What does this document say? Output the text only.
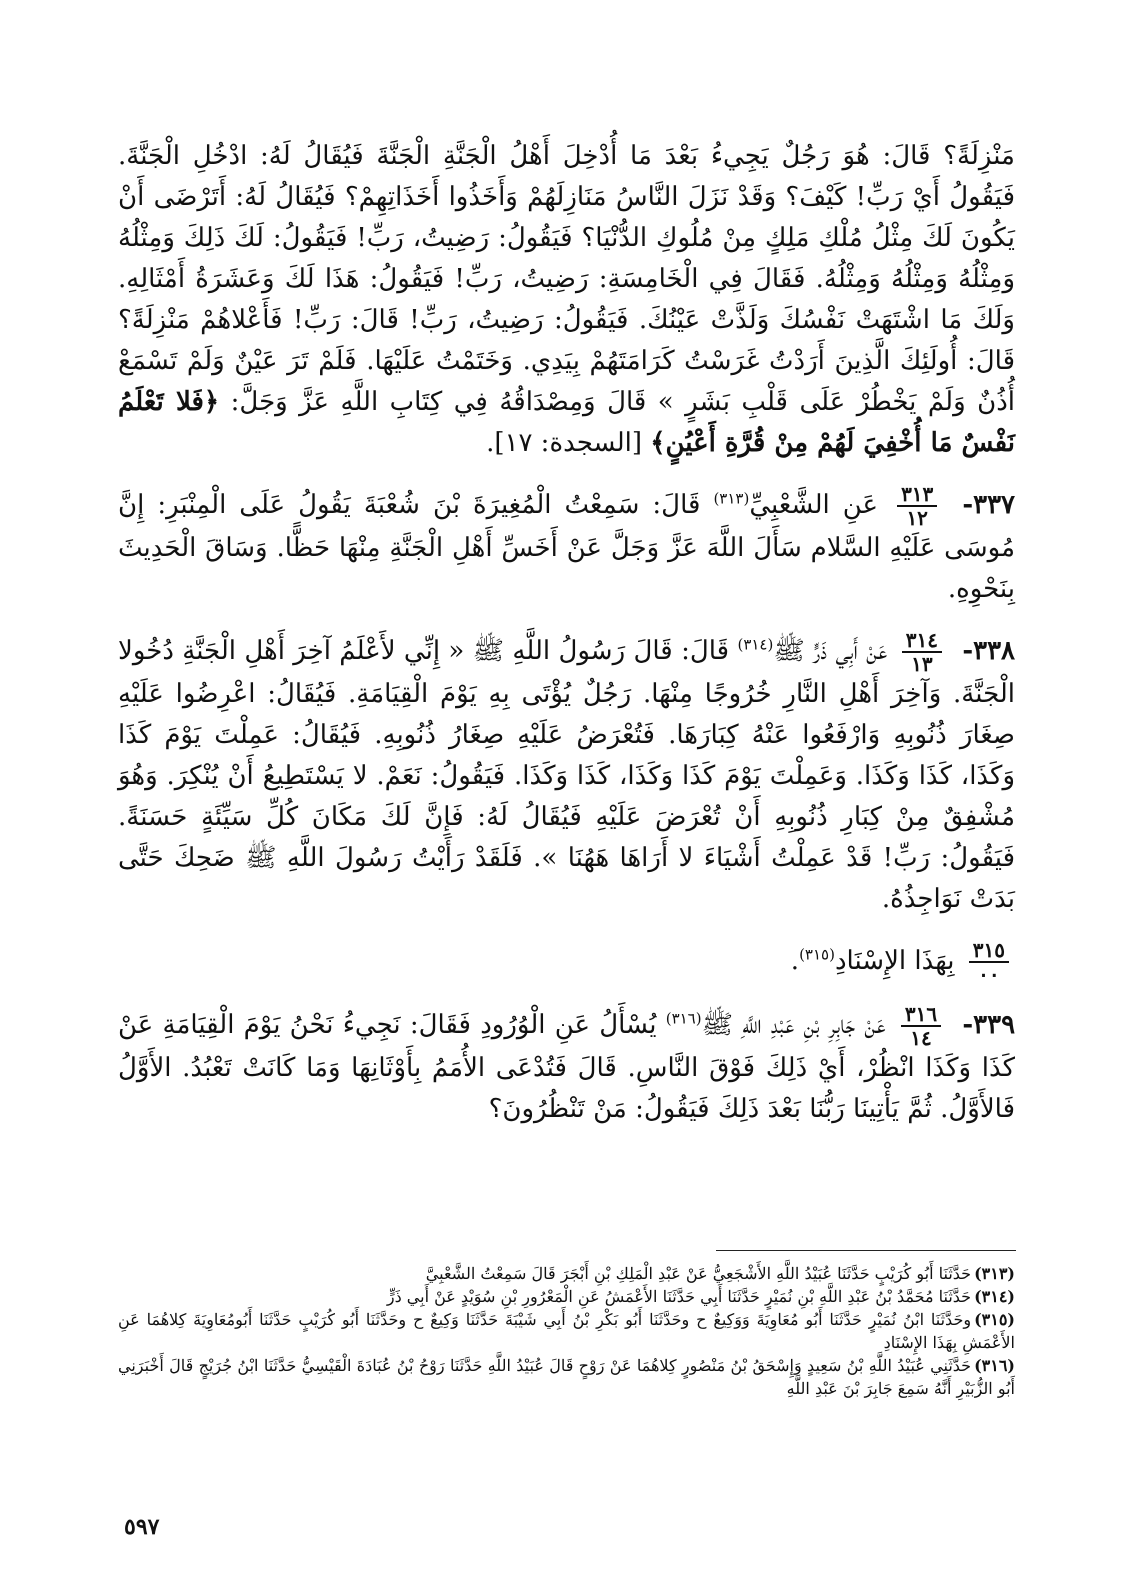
مَنْزِلَةً؟ قَالَ: هُوَ رَجُلٌ يَجِيءُ بَعْدَ مَا أُدْخِلَ أَهْلُ الْجَنَّةِ الْجَنَّةَ فَيُقَالُ لَهُ: ادْخُلِ الْجَنَّةَ. فَيَقُولُ أَيْ رَبِّ! كَيْفَ؟ وَقَدْ نَزَلَ النَّاسُ مَنَازِلَهُمْ وَأَخَذُوا أَخَذَاتِهِمْ؟ فَيُقَالُ لَهُ: أَتَرْضَى أَنْ يَكُونَ لَكَ مِثْلُ مُلْكِ مَلِكٍ مِنْ مُلُوكِ الدُّنْيَا؟ فَيَقُولُ: رَضِيتُ، رَبِّ! فَيَقُولُ: لَكَ ذَلِكَ وَمِثْلُهُ وَمِثْلُهُ وَمِثْلُهُ وَمِثْلُهُ. فَقَالَ فِي الْخَامِسَةِ: رَضِيتُ، رَبِّ! فَيَقُولُ: هَذَا لَكَ وَعَشَرَةُ أَمْثَالِهِ. وَلَكَ مَا اشْتَهَتْ نَفْسُكَ وَلَذَّتْ عَيْنُكَ. فَيَقُولُ: رَضِيتُ، رَبِّ! قَالَ: رَبِّ! فَأَعْلاهُمْ مَنْزِلَةً؟ قَالَ: أُولَئِكَ الَّذِينَ أَرَدْتُ غَرَسْتُ كَرَامَتَهُمْ بِيَدِي. وَخَتَمْتُ عَلَيْهَا. فَلَمْ تَرَ عَيْنٌ وَلَمْ تَسْمَعْ أُذُنٌ وَلَمْ يَخْطُرْ عَلَى قَلْبِ بَشَرٍ » قَالَ وَمِصْدَاقُهُ فِي كِتَابِ اللَّهِ عَزَّ وَجَلَّ: ﴿فَلا تَعْلَمُ نَفْسٌ مَا أُخْفِيَ لَهُمْ مِنْ قُرَّةِ أَعْيُنٍ﴾ [السجدة: ١٧].

٣٣٧-
$\frac{٣١٣}{١٢}$
عَنِ الشَّعْبِيِّ$^{(٣١٣)}$ قَالَ: سَمِعْتُ الْمُغِيرَةَ بْنَ شُعْبَةَ يَقُولُ عَلَى الْمِنْبَرِ: إِنَّ مُوسَى عَلَيْهِ السَّلام سَأَلَ اللَّهَ عَزَّ وَجَلَّ عَنْ أَخَسِّ أَهْلِ الْجَنَّةِ مِنْهَا حَظًّا. وَسَاقَ الْحَدِيثَ بِنَحْوِهِ.

٣٣٨-
$\frac{٣١٤}{١٣}$
عَنْ أَبِي ذَرٍّ ﷺ$^{(٣١٤)}$ قَالَ: قَالَ رَسُولُ اللَّهِ ﷺ « إِنِّي لأَعْلَمُ آخِرَ أَهْلِ الْجَنَّةِ دُخُولا الْجَنَّةَ. وَآخِرَ أَهْلِ النَّارِ خُرُوجًا مِنْهَا. رَجُلٌ يُؤْتَى بِهِ يَوْمَ الْقِيَامَةِ. فَيُقَالُ: اعْرِضُوا عَلَيْهِ صِغَارَ ذُنُوبِهِ وَارْفَعُوا عَنْهُ كِبَارَهَا. فَتُعْرَضُ عَلَيْهِ صِغَارُ ذُنُوبِهِ. فَيُقَالُ: عَمِلْتَ يَوْمَ كَذَا وَكَذَا، كَذَا وَكَذَا. وَعَمِلْتَ يَوْمَ كَذَا وَكَذَا، كَذَا وَكَذَا. فَيَقُولُ: نَعَمْ. لا يَسْتَطِيعُ أَنْ يُنْكِرَ. وَهُوَ مُشْفِقٌ مِنْ كِبَارِ ذُنُوبِهِ أَنْ تُعْرَضَ عَلَيْهِ فَيُقَالُ لَهُ: فَإِنَّ لَكَ مَكَانَ كُلِّ سَيِّئَةٍ حَسَنَةً. فَيَقُولُ: رَبِّ! قَدْ عَمِلْتُ أَشْيَاءَ لا أَرَاهَا هَهُنَا ». فَلَقَدْ رَأَيْتُ رَسُولَ اللَّهِ ﷺ ضَحِكَ حَتَّى بَدَتْ نَوَاجِذُهُ.

$\frac{٣١٥}{٠٠}$
بِهَذَا الإِسْنَادِ$^{(٣١٥)}$.

٣٣٩-
$\frac{٣١٦}{١٤}$
عَنْ جَابِرِ بْنِ عَبْدِ اللَّهِ ﷺ$^{(٣١٦)}$ يُسْأَلُ عَنِ الْوُرُودِ فَقَالَ: نَجِيءُ نَحْنُ يَوْمَ الْقِيَامَةِ عَنْ كَذَا وَكَذَا انْظُرْ، أَيْ ذَلِكَ فَوْقَ النَّاسِ. قَالَ فَتُدْعَى الأُمَمُ بِأَوْثَانِهَا وَمَا كَانَتْ تَعْبُدُ. الأَوَّلُ فَالأَوَّلُ. ثُمَّ يَأْتِينَا رَبُّنَا بَعْدَ ذَلِكَ فَيَقُولُ: مَنْ تَنْظُرُونَ؟

(٣١٣)حَدَّثَنَا أَبُو كُرَيْبٍ حَدَّثَنَا عُبَيْدُ اللَّهِ الأَشْجَعِيُّ عَنْ عَبْدِ الْمَلِكِ بْنِ أَبْجَرَ قَالَ سَمِعْتُ الشَّعْبِيَّ

(٣١٤)حَدَّثَنَا مُحَمَّدُ بْنُ عَبْدِ اللَّهِ بْنِ نُمَيْرٍ حَدَّثَنَا أَبِي حَدَّثَنَا الأَعْمَشُ عَنِ الْمَعْرُورِ بْنِ سُوَيْدٍ عَنْ أَبِي ذَرٍّ

(٣١٥)وحَدَّثَنَا ابْنُ نُمَيْرٍ حَدَّثَنَا أَبُو مُعَاوِيَةَ وَوَكِيعٌ ح وحَدَّثَنَا أَبُو بَكْرِ بْنُ أَبِي شَيْبَةَ حَدَّثَنَا وَكِيعٌ ح وحَدَّثَنَا أَبُو كُرَيْبٍ حَدَّثَنَا أَبُومُعَاوِيَةَ كِلاهُمَا عَنِ الأَعْمَشِ بِهَذَا الإِسْنَادِ

(٣١٦)حَدَّثَنِي عُبَيْدُ اللَّهِ بْنُ سَعِيدٍ وَإِسْحَقُ بْنُ مَنْصُورٍ كِلاهُمَا عَنْ رَوْحٍ قَالَ عُبَيْدُ اللَّهِ حَدَّثَنَا رَوْحُ بْنُ عُبَادَةَ الْقَيْسِيُّ حَدَّثَنَا ابْنُ جُرَيْجٍ قَالَ أَخْبَرَنِي أَبُو الزُّبَيْرِ أَنَّهُ سَمِعَ جَابِرَ بْنَ عَبْدِ اللَّهِ

٥٩٧
